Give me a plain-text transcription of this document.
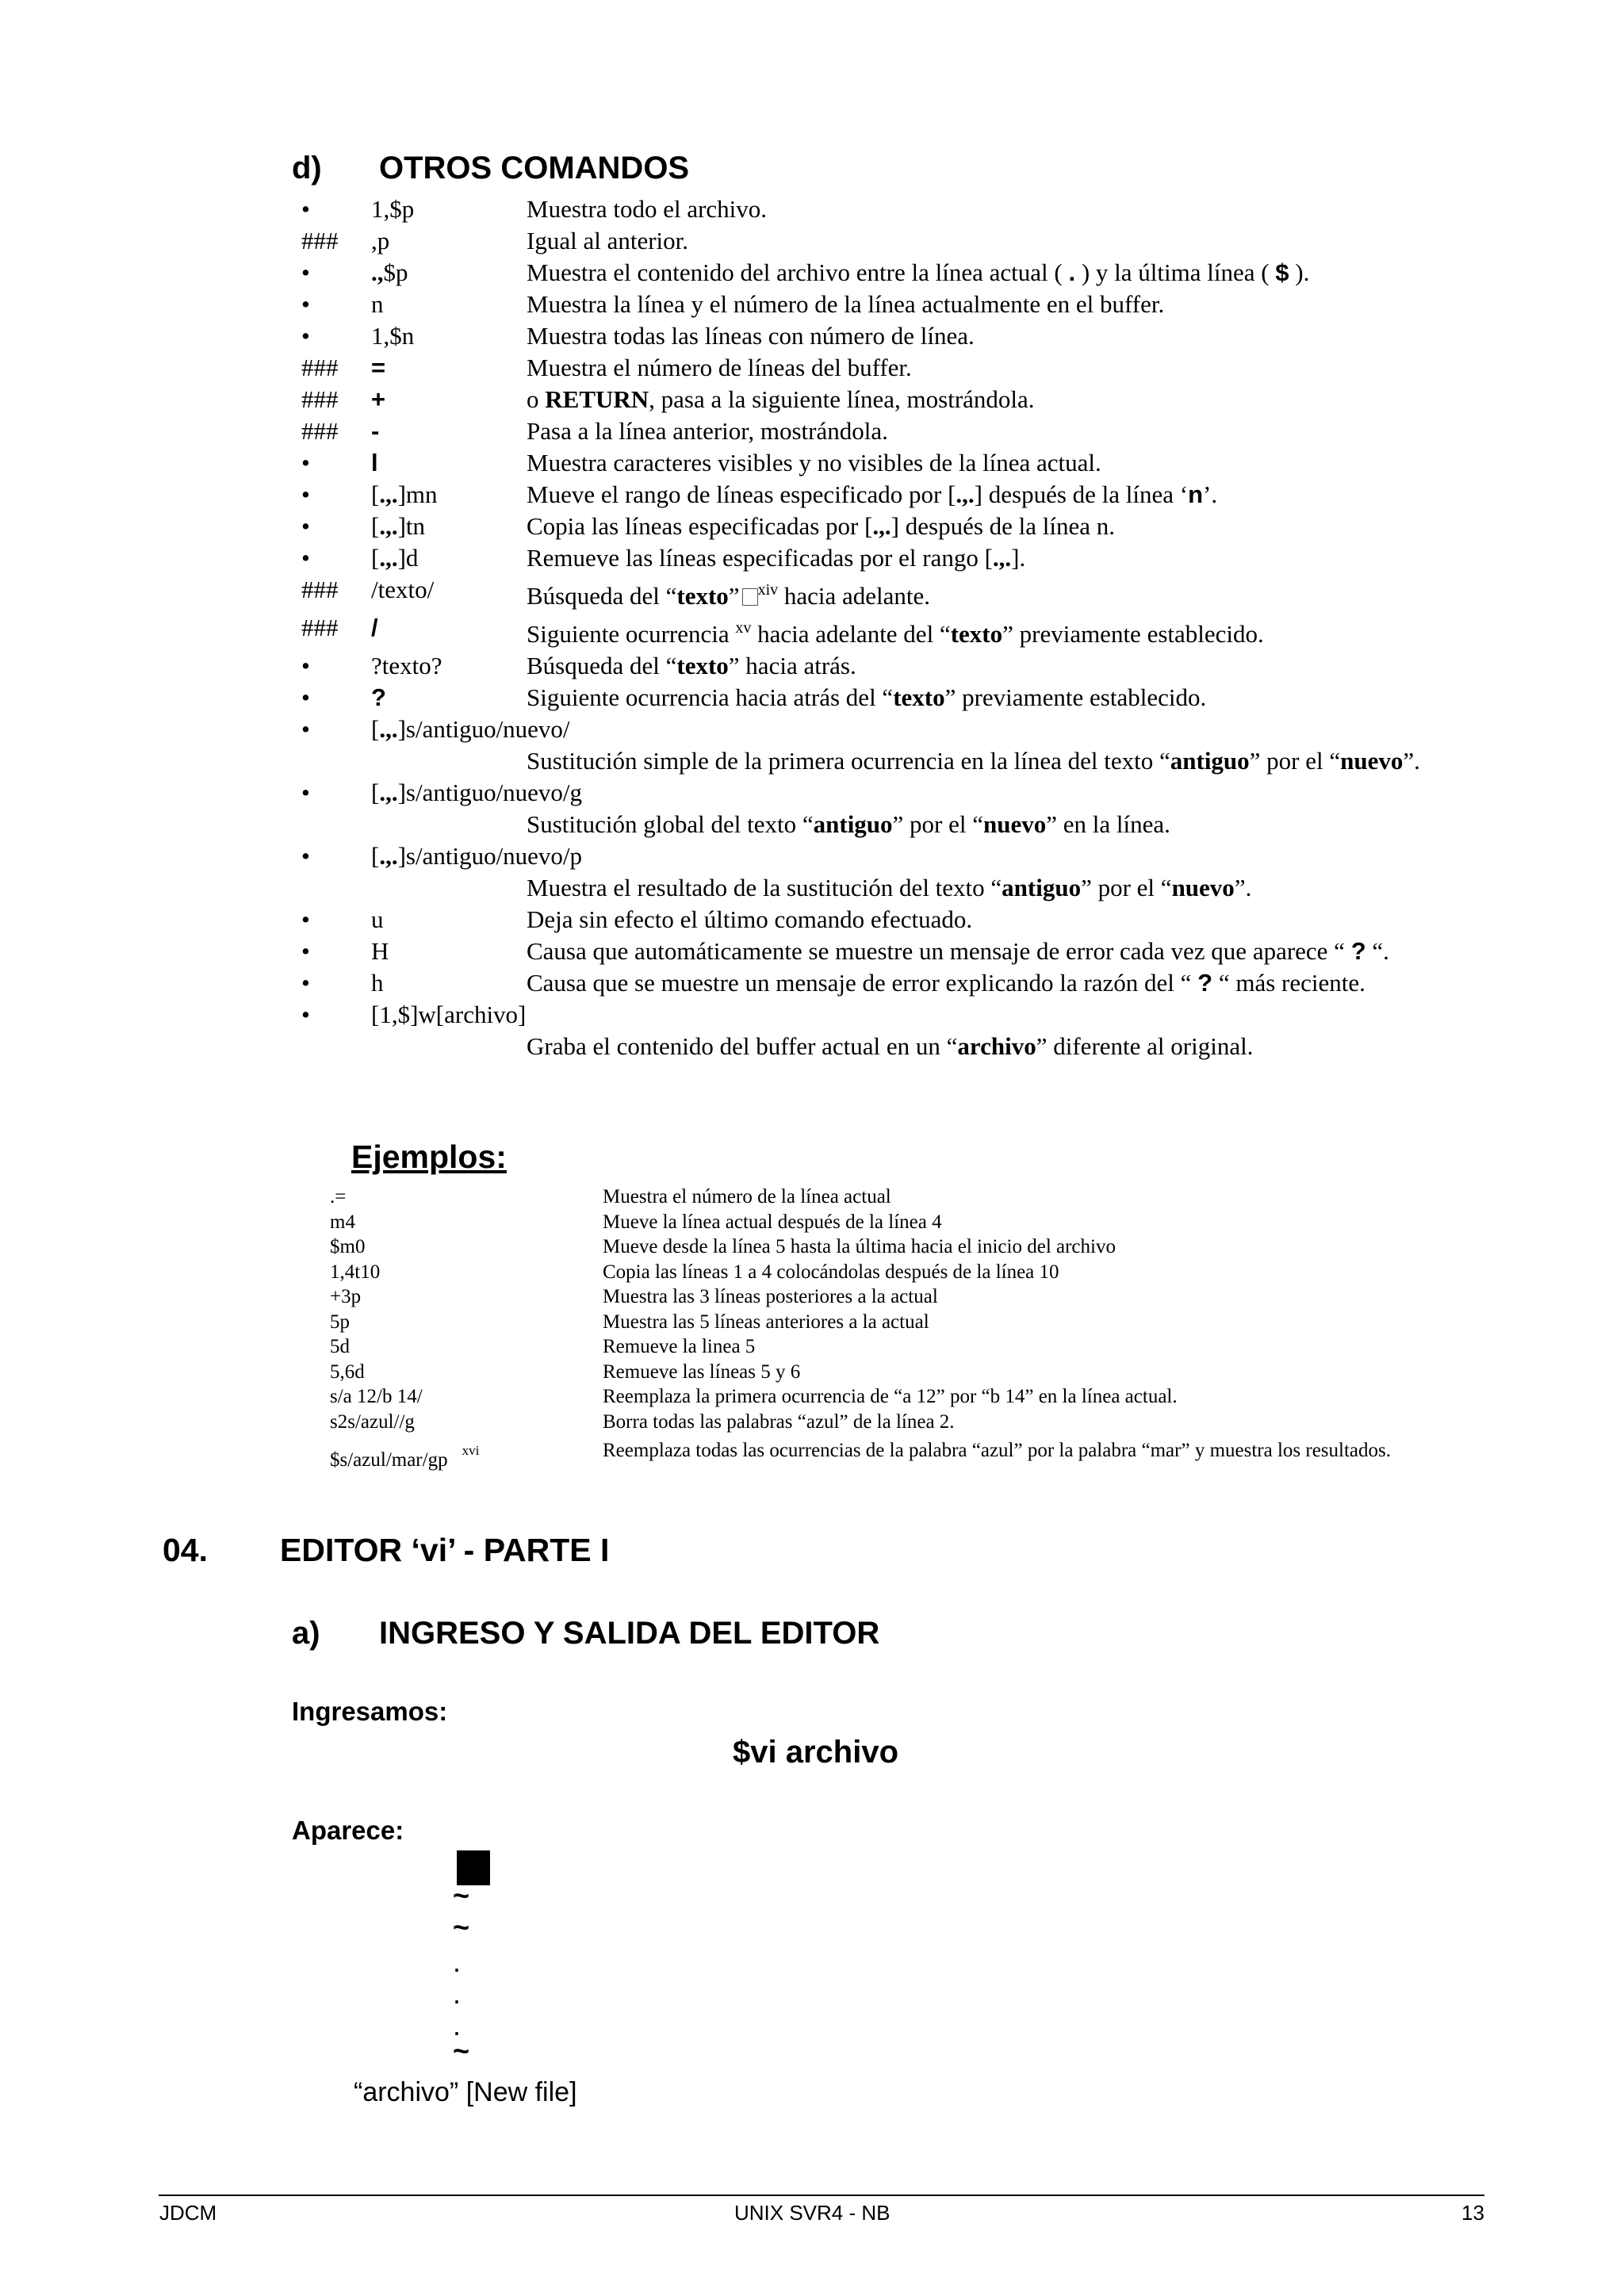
d) OTROS COMANDOS
• 1,$p	Muestra todo el archivo.
### ,p	Igual al anterior.
• .,$p	Muestra el contenido del archivo entre la línea actual ( . ) y la última línea ( $ ).
• n	Muestra la línea y el número de la línea actualmente en el buffer.
• 1,$n	Muestra todas las líneas con número de línea.
### =	Muestra el número de líneas del buffer.
### +	o RETURN, pasa a la siguiente línea, mostrándola.
### -	Pasa a la línea anterior, mostrándola.
• l	Muestra caracteres visibles y no visibles de la línea actual.
• [.,.]mn	Mueve el rango de líneas especificado por [.,.] después de la línea ‘n’.
• [.,.]tn	Copia las líneas especificadas por [.,.] después de la línea n.
• [.,.]d	Remueve las líneas especificadas por el rango [.,.].
### /texto/	Búsqueda del “texto” $^{xiv}$ hacia adelante.
### /	Siguiente ocurrencia $^{xv}$ hacia adelante del “texto” previamente establecido.
• ?texto?	Búsqueda del “texto” hacia atrás.
• ?	Siguiente ocurrencia hacia atrás del “texto” previamente establecido.
•	[.,.]s/antiguo/nuevo/
Sustitución simple de la primera ocurrencia en la línea del texto “antiguo” por el “nuevo”.
•	[.,.]s/antiguo/nuevo/g
Sustitución global del texto “antiguo” por el “nuevo” en la línea.
•	[.,.]s/antiguo/nuevo/p
Muestra el resultado de la sustitución del texto “antiguo” por el “nuevo”.
• u	Deja sin efecto el último comando efectuado.
• H	Causa que automáticamente se muestre un mensaje de error cada vez que aparece “ ? “.
• h	Causa que se muestre un mensaje de error explicando la razón del “ ? “ más reciente.
•	[1,$]w[archivo]
Graba el contenido del buffer actual en un “archivo” diferente al original.
Ejemplos:
.=	Muestra el número de la línea actual
m4	Mueve la línea actual después de la línea 4
$m0	Mueve desde la línea 5 hasta la última hacia el inicio del archivo
1,4t10	Copia las líneas 1 a 4 colocándolas después de la línea 10
+3p	Muestra las 3 líneas posteriores a la actual
5p	Muestra las 5 líneas anteriores a la actual
5d	Remueve la linea 5
5,6d	Remueve las líneas 5 y 6
s/a 12/b 14/	Reemplaza la primera ocurrencia de “a 12” por “b 14” en la línea actual.
s2s/azul//g	Borra todas las palabras “azul” de la línea 2.
$s/azul/mar/gp $^{xvi}$	Reemplaza todas las ocurrencias de la palabra “azul” por la palabra “mar” y muestra los resultados.
04. EDITOR ‘vi’ - PARTE I
a) INGRESO Y SALIDA DEL EDITOR
Ingresamos:
$vi archivo
Aparece:
~
~
.
.
.
~
“archivo” [New file]
JDCM	UNIX SVR4 - NB	13
